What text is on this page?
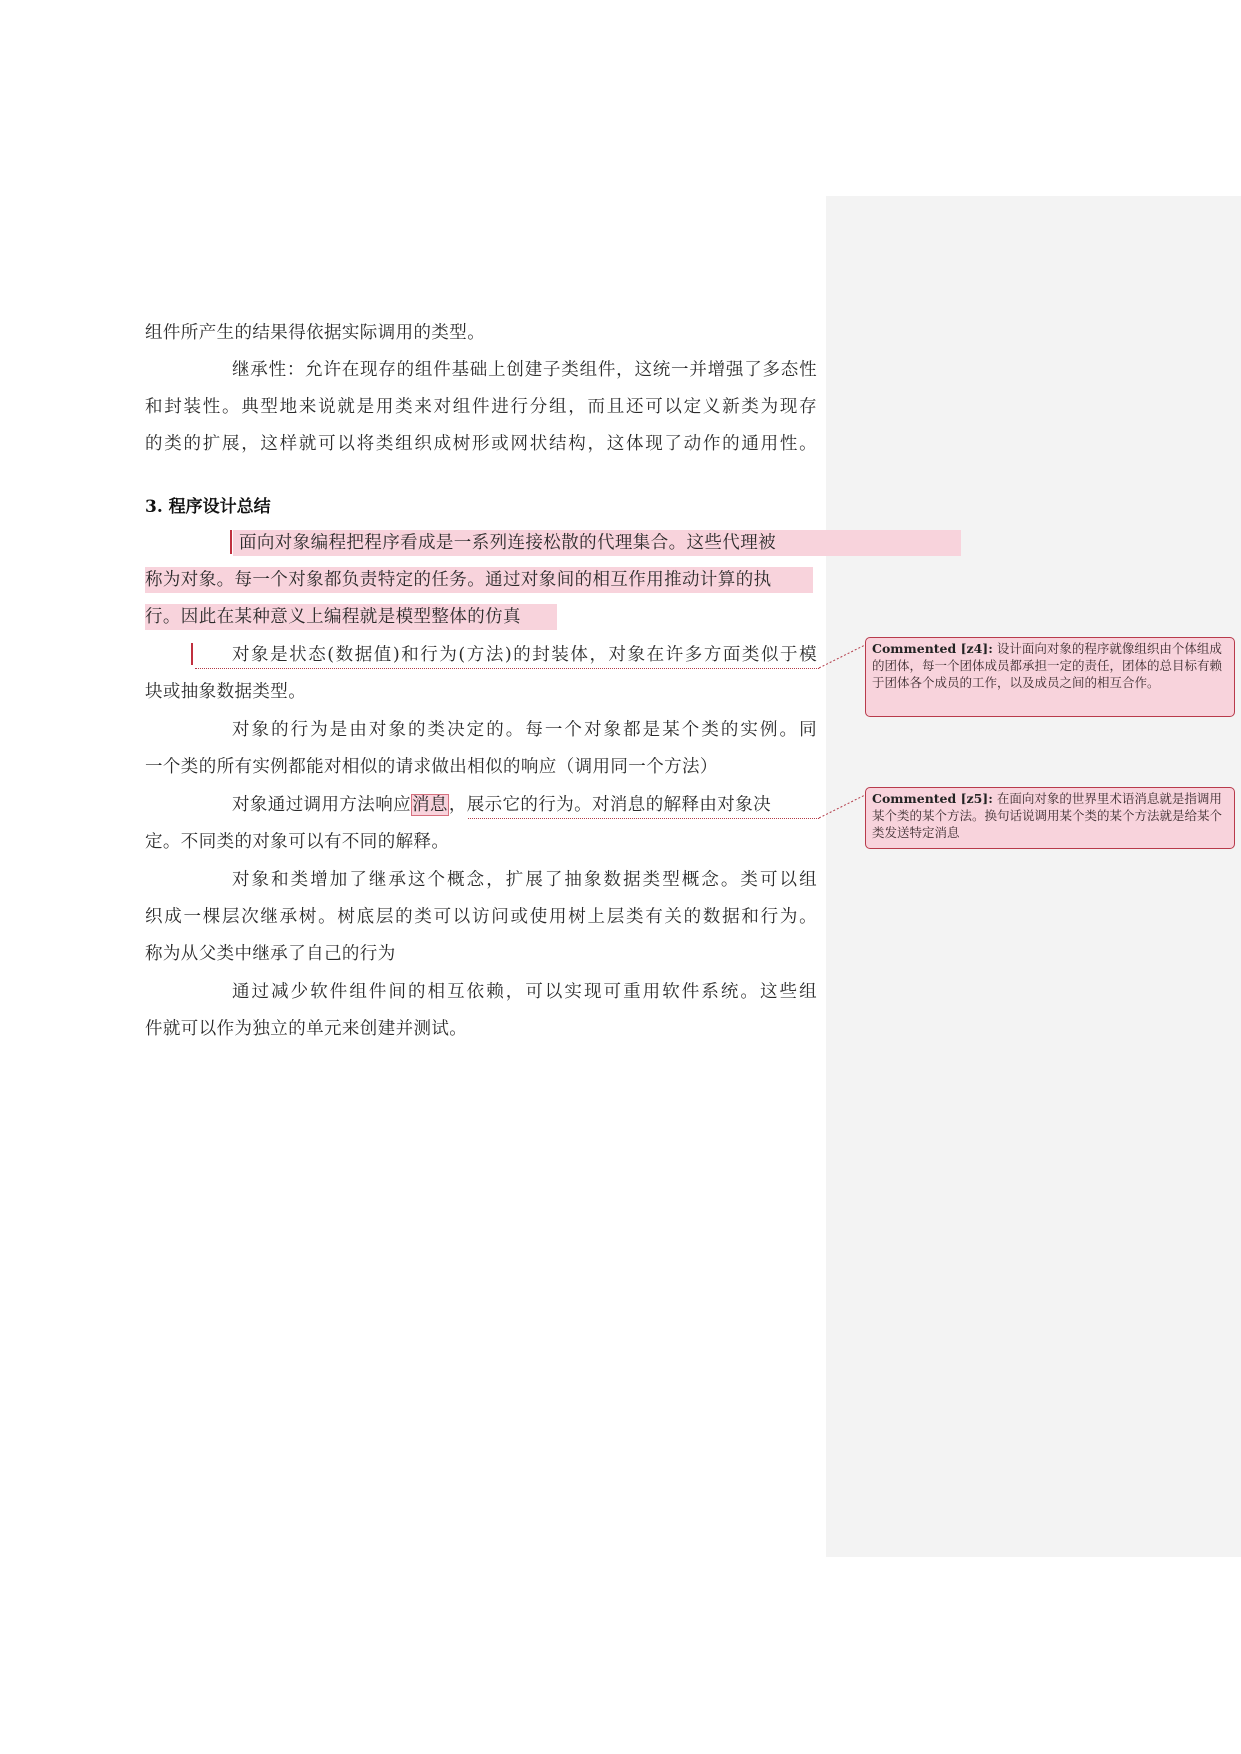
组件所产生的结果得依据实际调用的类型。
继承性：允许在现存的组件基础上创建子类组件，这统一并增强了多态性
和封装性。典型地来说就是用类来对组件进行分组，而且还可以定义新类为现存
的类的扩展，这样就可以将类组织成树形或网状结构，这体现了动作的通用性。
3. 程序设计总结
面向对象编程把程序看成是一系列连接松散的代理集合。这些代理被
称为对象。每一个对象都负责特定的任务。通过对象间的相互作用推动计算的执
行。因此在某种意义上编程就是模型整体的仿真
对象是状态(数据值)和行为(方法)的封装体，对象在许多方面类似于模
块或抽象数据类型。
对象的行为是由对象的类决定的。每一个对象都是某个类的实例。同
一个类的所有实例都能对相似的请求做出相似的响应（调用同一个方法）
对象通过调用方法响应消息，展示它的行为。对消息的解释由对象决
定。不同类的对象可以有不同的解释。
对象和类增加了继承这个概念，扩展了抽象数据类型概念。类可以组
织成一棵层次继承树。树底层的类可以访问或使用树上层类有关的数据和行为。
称为从父类中继承了自己的行为
通过减少软件组件间的相互依赖，可以实现可重用软件系统。这些组
件就可以作为独立的单元来创建并测试。
Commented [z4]: 设计面向对象的程序就像组织由个体组成的团体，每一个团体成员都承担一定的责任，团体的总目标有赖于团体各个成员的工作，以及成员之间的相互合作。
Commented [z5]: 在面向对象的世界里术语消息就是指调用某个类的某个方法。换句话说调用某个类的某个方法就是给某个类发送特定消息
